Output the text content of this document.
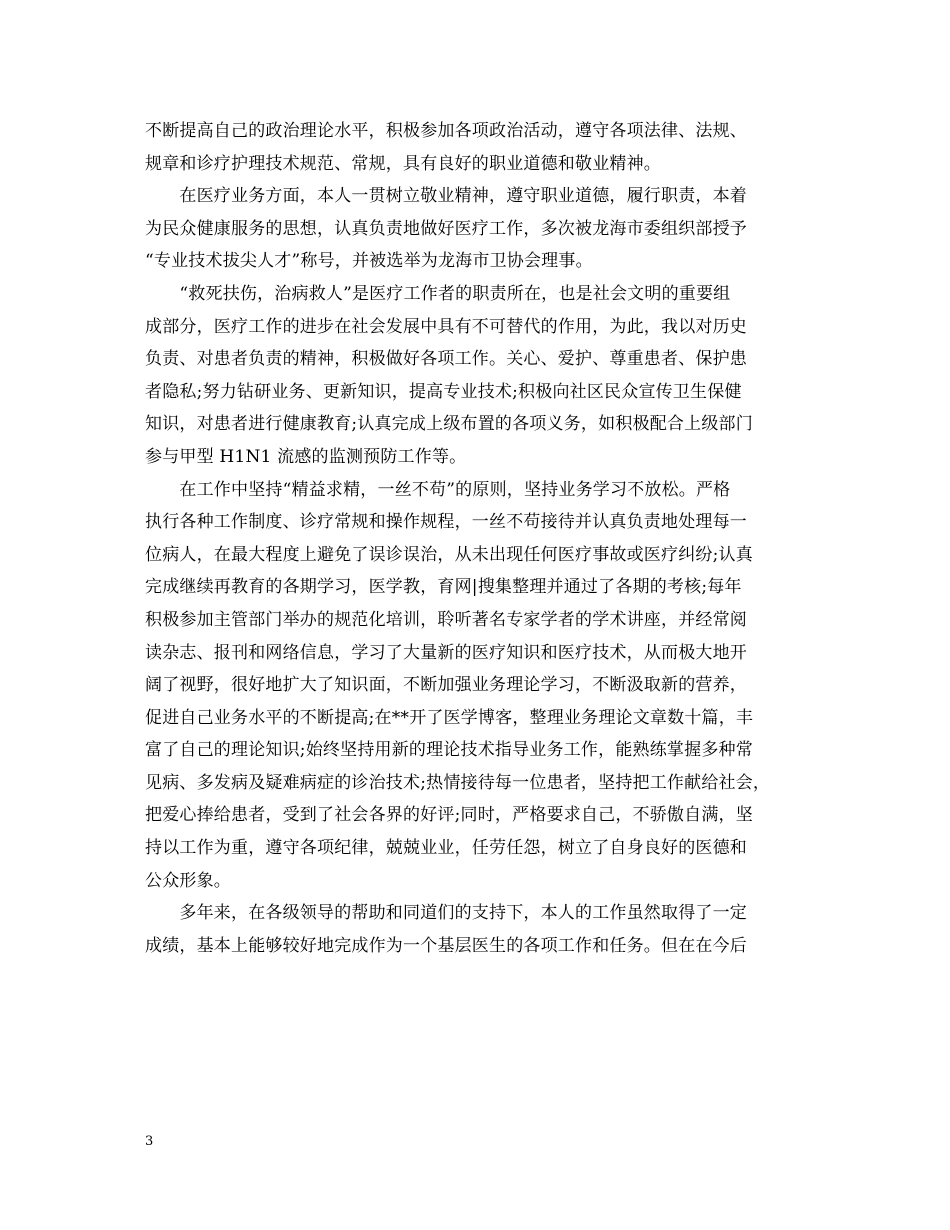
不断提高自己的政治理论水平，积极参加各项政治活动，遵守各项法律、法规、
规章和诊疗护理技术规范、常规，具有良好的职业道德和敬业精神。
　　在医疗业务方面，本人一贯树立敬业精神，遵守职业道德，履行职责，本着
为民众健康服务的思想，认真负责地做好医疗工作，多次被龙海市委组织部授予
“专业技术拔尖人才”称号，并被选举为龙海市卫协会理事。
　　“救死扶伤，治病救人”是医疗工作者的职责所在，也是社会文明的重要组
成部分，医疗工作的进步在社会发展中具有不可替代的作用，为此，我以对历史
负责、对患者负责的精神，积极做好各项工作。关心、爱护、尊重患者、保护患
者隐私;努力钻研业务、更新知识，提高专业技术;积极向社区民众宣传卫生保健
知识，对患者进行健康教育;认真完成上级布置的各项义务，如积极配合上级部门
参与甲型 H1N1 流感的监测预防工作等。
　　在工作中坚持“精益求精，一丝不苟”的原则，坚持业务学习不放松。严格
执行各种工作制度、诊疗常规和操作规程，一丝不苟接待并认真负责地处理每一
位病人，在最大程度上避免了误诊误治，从未出现任何医疗事故或医疗纠纷;认真
完成继续再教育的各期学习，医学教，育网|搜集整理并通过了各期的考核;每年
积极参加主管部门举办的规范化培训，聆听著名专家学者的学术讲座，并经常阅
读杂志、报刊和网络信息，学习了大量新的医疗知识和医疗技术，从而极大地开
阔了视野，很好地扩大了知识面，不断加强业务理论学习，不断汲取新的营养，
促进自己业务水平的不断提高;在**开了医学博客，整理业务理论文章数十篇，丰
富了自己的理论知识;始终坚持用新的理论技术指导业务工作，能熟练掌握多种常
见病、多发病及疑难病症的诊治技术;热情接待每一位患者，坚持把工作献给社会，
把爱心捧给患者，受到了社会各界的好评;同时，严格要求自己，不骄傲自满，坚
持以工作为重，遵守各项纪律，兢兢业业，任劳任怨，树立了自身良好的医德和
公众形象。
　　多年来，在各级领导的帮助和同道们的支持下，本人的工作虽然取得了一定
成绩，基本上能够较好地完成作为一个基层医生的各项工作和任务。但在在今后
3
